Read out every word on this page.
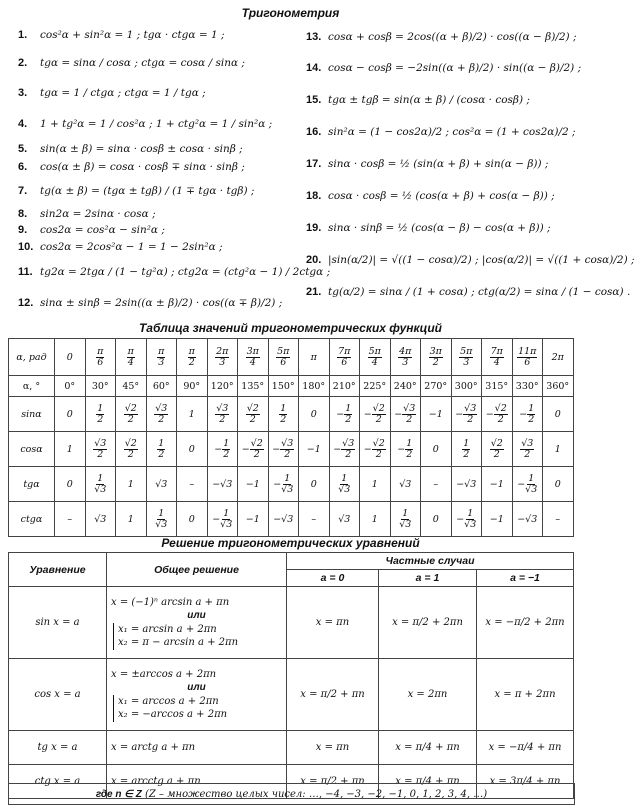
Тригонометрия
1.	cos²α + sin²α = 1 ; tgα · ctgα = 1 ;
2.	tgα = sinα / cosα ; ctgα = cosα / sinα ;
3.	tgα = 1 / ctgα ; ctgα = 1 / tgα ;
4.	1 + tg²α = 1 / cos²α ; 1 + ctg²α = 1 / sin²α ;
5.	sin(α ± β) = sinα · cosβ ± cosα · sinβ ;
6.	cos(α ± β) = cosα · cosβ ∓ sinα · sinβ ;
7.	tg(α ± β) = (tgα ± tgβ) / (1 ∓ tgα · tgβ) ;
8.	sin2α = 2sinα · cosα ;
9.	cos2α = cos²α − sin²α ;
10. cos2α = 2cos²α − 1 = 1 − 2sin²α ;
11. tg2α = 2tgα / (1 − tg²α) ; ctg2α = (ctg²α − 1) / 2ctgα ;
12. sinα ± sinβ = 2sin((α ± β)/2) · cos((α ∓ β)/2) ;
13. cosα + cosβ = 2cos((α + β)/2) · cos((α − β)/2) ;
14. cosα − cosβ = −2sin((α + β)/2) · sin((α − β)/2) ;
15. tgα ± tgβ = sin(α ± β) / (cosα · cosβ) ;
16. sin²α = (1 − cos2α)/2 ; cos²α = (1 + cos2α)/2 ;
17. sinα · cosβ = ½ (sin(α + β) + sin(α − β)) ;
18. cosα · cosβ = ½ (cos(α + β) + cos(α − β)) ;
19. sinα · sinβ = ½ (cos(α − β) − cos(α + β)) ;
20. |sin(α/2)| = √((1 − cosα)/2) ; |cos(α/2)| = √((1 + cosα)/2) ;
21. tg(α/2) = sinα / (1 + cosα) ; ctg(α/2) = sinα / (1 − cosα) .
Таблица значений тригонометрических функций
α, рад	0	$\frac{\pi}{6}$	$\frac{\pi}{4}$	$\frac{\pi}{3}$	$\frac{\pi}{2}$	$\frac{2\pi}{3}$	$\frac{3\pi}{4}$	$\frac{5\pi}{6}$	π	$\frac{7\pi}{6}$	$\frac{5\pi}{4}$	$\frac{4\pi}{3}$	$\frac{3\pi}{2}$	$\frac{5\pi}{3}$	$\frac{7\pi}{4}$	$\frac{11\pi}{6}$	2π
α, °	0°	30°	45°	60°	90°	120°	135°	150°	180°	210°	225°	240°	270°	300°	315°	330°	360°
sinα	0	$\frac{1}{2}$	$\frac{√2}{2}$	$\frac{√3}{2}$	1	$\frac{√3}{2}$	$\frac{√2}{2}$	$\frac{1}{2}$	0	− $\frac{1}{2}$	− $\frac{√2}{2}$	− $\frac{√3}{2}$	−1	− $\frac{√3}{2}$	− $\frac{√2}{2}$	− $\frac{1}{2}$	0
cosα	1	$\frac{√3}{2}$	$\frac{√2}{2}$	$\frac{1}{2}$	0	− $\frac{1}{2}$	− $\frac{√2}{2}$	− $\frac{√3}{2}$	−1	− $\frac{√3}{2}$	− $\frac{√2}{2}$	− $\frac{1}{2}$	0	$\frac{1}{2}$	$\frac{√2}{2}$	$\frac{√3}{2}$	1
tgα	0	$\frac{1}{√3}$	1	√3	–	−√3	−1	− $\frac{1}{√3}$	0	$\frac{1}{√3}$	1	√3	–	−√3	−1	− $\frac{1}{√3}$	0
ctgα	–	√3	1	$\frac{1}{√3}$	0	− $\frac{1}{√3}$	−1	−√3	–	√3	1	$\frac{1}{√3}$	0	− $\frac{1}{√3}$	−1	−√3	–
Решение тригонометрических уравнений
Уравнение	Общее решение	Частные случаи		
		a = 0	a = 1	a = −1
sin x = a	x = (−1)ⁿ arcsin a + πn
или
x₁ = arcsin a + 2πn
x₂ = π − arcsin a + 2πn	x = πn	x = π/2 + 2πn	x = −π/2 + 2πn
cos x = a	x = ±arccos a + 2πn
или
x₁ = arccos a + 2πn
x₂ = −arccos a + 2πn	x = π/2 + πn	x = 2πn	x = π + 2πn
tg x = a	x = arctg a + πn	x = πn	x = π/4 + πn	x = −π/4 + πn
ctg x = a	x = arcctg a + πn	x = π/2 + πn	x = π/4 + πn	x = 3π/4 + πn
где n ∈ Z
(Z – множество целых чисел: …, −4, −3, −2, −1, 0, 1, 2, 3, 4, …)
